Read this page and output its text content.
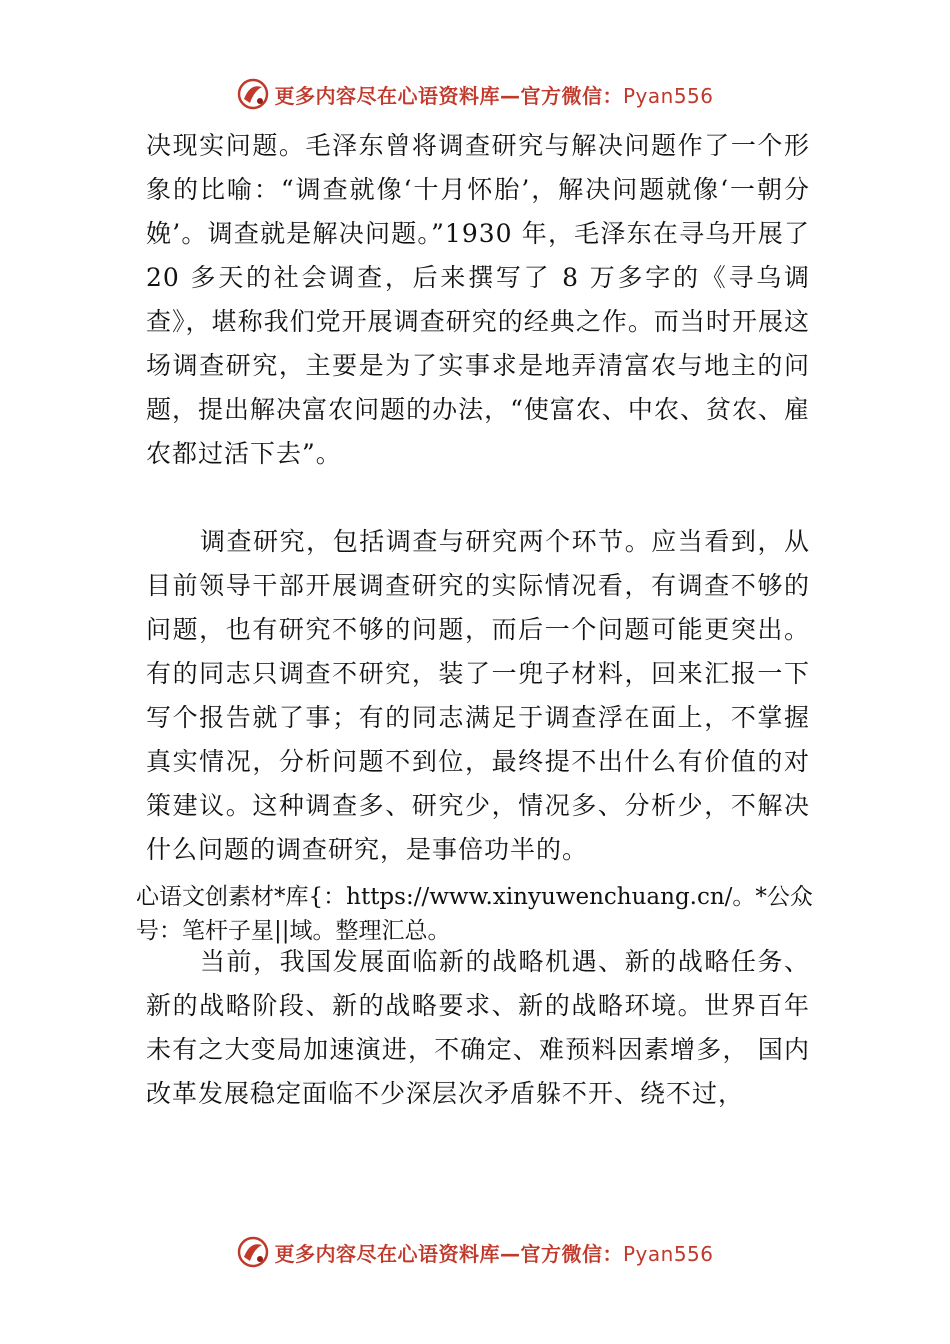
更多内容尽在心语资料库—官方微信：Pyan556

决现实问题。毛泽东曾将调查研究与解决问题作了一个形象的比喻：“调查就像‘十月怀胎’，解决问题就像‘一朝分娩’。调查就是解决问题。”1930 年，毛泽东在寻乌开展了 20 多天的社会调查，后来撰写了 8 万多字的《寻乌调查》，堪称我们党开展调查研究的经典之作。而当时开展这场调查研究，主要是为了实事求是地弄清富农与地主的问题，提出解决富农问题的办法，“使富农、中农、贫农、雇农都过活下去”。

调查研究，包括调查与研究两个环节。应当看到，从目前领导干部开展调查研究的实际情况看，有调查不够的问题，也有研究不够的问题，而后一个问题可能更突出。有的同志只调查不研究，装了一兜子材料，回来汇报一下写个报告就了事；有的同志满足于调查浮在面上，不掌握真实情况，分析问题不到位，最终提不出什么有价值的对策建议。这种调查多、研究少，情况多、分析少，不解决什么问题的调查研究，是事倍功半的。

心语文创素材*库{：https://www.xinyuwenchuang.cn/。*公众号：笔杆子星||域。整理汇总。

当前，我国发展面临新的战略机遇、新的战略任务、新的战略阶段、新的战略要求、新的战略环境。世界百年未有之大变局加速演进，不确定、难预料因素增多， 国内改革发展稳定面临不少深层次矛盾躲不开、绕不过，

更多内容尽在心语资料库—官方微信：Pyan556
